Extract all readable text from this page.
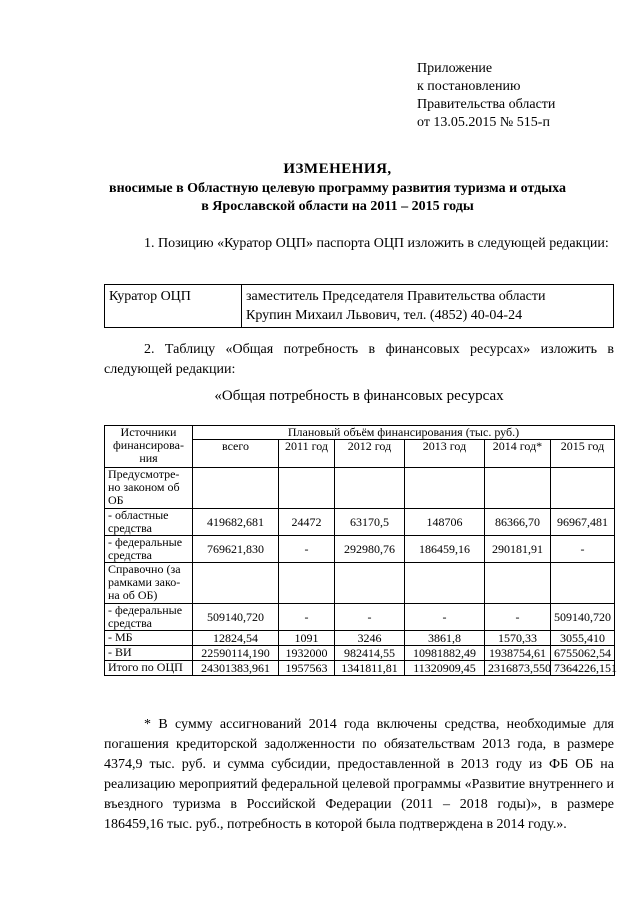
Приложение
к постановлению
Правительства области
от 13.05.2015 № 515-п
ИЗМЕНЕНИЯ,
вносимые в Областную целевую программу развития туризма и отдыха
в Ярославской области на 2011 – 2015 годы
1. Позицию «Куратор ОЦП» паспорта ОЦП изложить в следующей редакции:
Куратор ОЦП	заместитель Председателя Правительства области
Крупин Михаил Львович, тел. (4852) 40-04-24
2. Таблицу «Общая потребность в финансовых ресурсах» изложить в следующей редакции:
«Общая потребность в финансовых ресурсах
Источники финансирова-ния	Плановый объём финансирования (тыс. руб.)					
	всего	2011 год	2012 год	2013 год	2014 год*	2015 год
Предусмотре-но законом об ОБ						
- областные средства	419682,681	24472	63170,5	148706	86366,70	96967,481
- федеральные средства	769621,830	-	292980,76	186459,16	290181,91	-
Справочно (за рамками зако-на об ОБ)						
- федеральные средства	509140,720	-	-	-	-	509140,720
- МБ	12824,54	1091	3246	3861,8	1570,33	3055,410
- ВИ	22590114,190	1932000	982414,55	10981882,49	1938754,61	6755062,54
Итого по ОЦП	24301383,961	1957563	1341811,81	11320909,45	2316873,550	7364226,151
* В сумму ассигнований 2014 года включены средства, необходимые для погашения кредиторской задолженности по обязательствам 2013 года, в размере 4374,9 тыс. руб. и сумма субсидии, предоставленной в 2013 году из ФБ ОБ на реализацию мероприятий федеральной целевой программы «Развитие внутреннего и въездного туризма в Российской Федерации (2011 – 2018 годы)», в размере 186459,16 тыс. руб., потребность в которой была подтверждена в 2014 году.».
